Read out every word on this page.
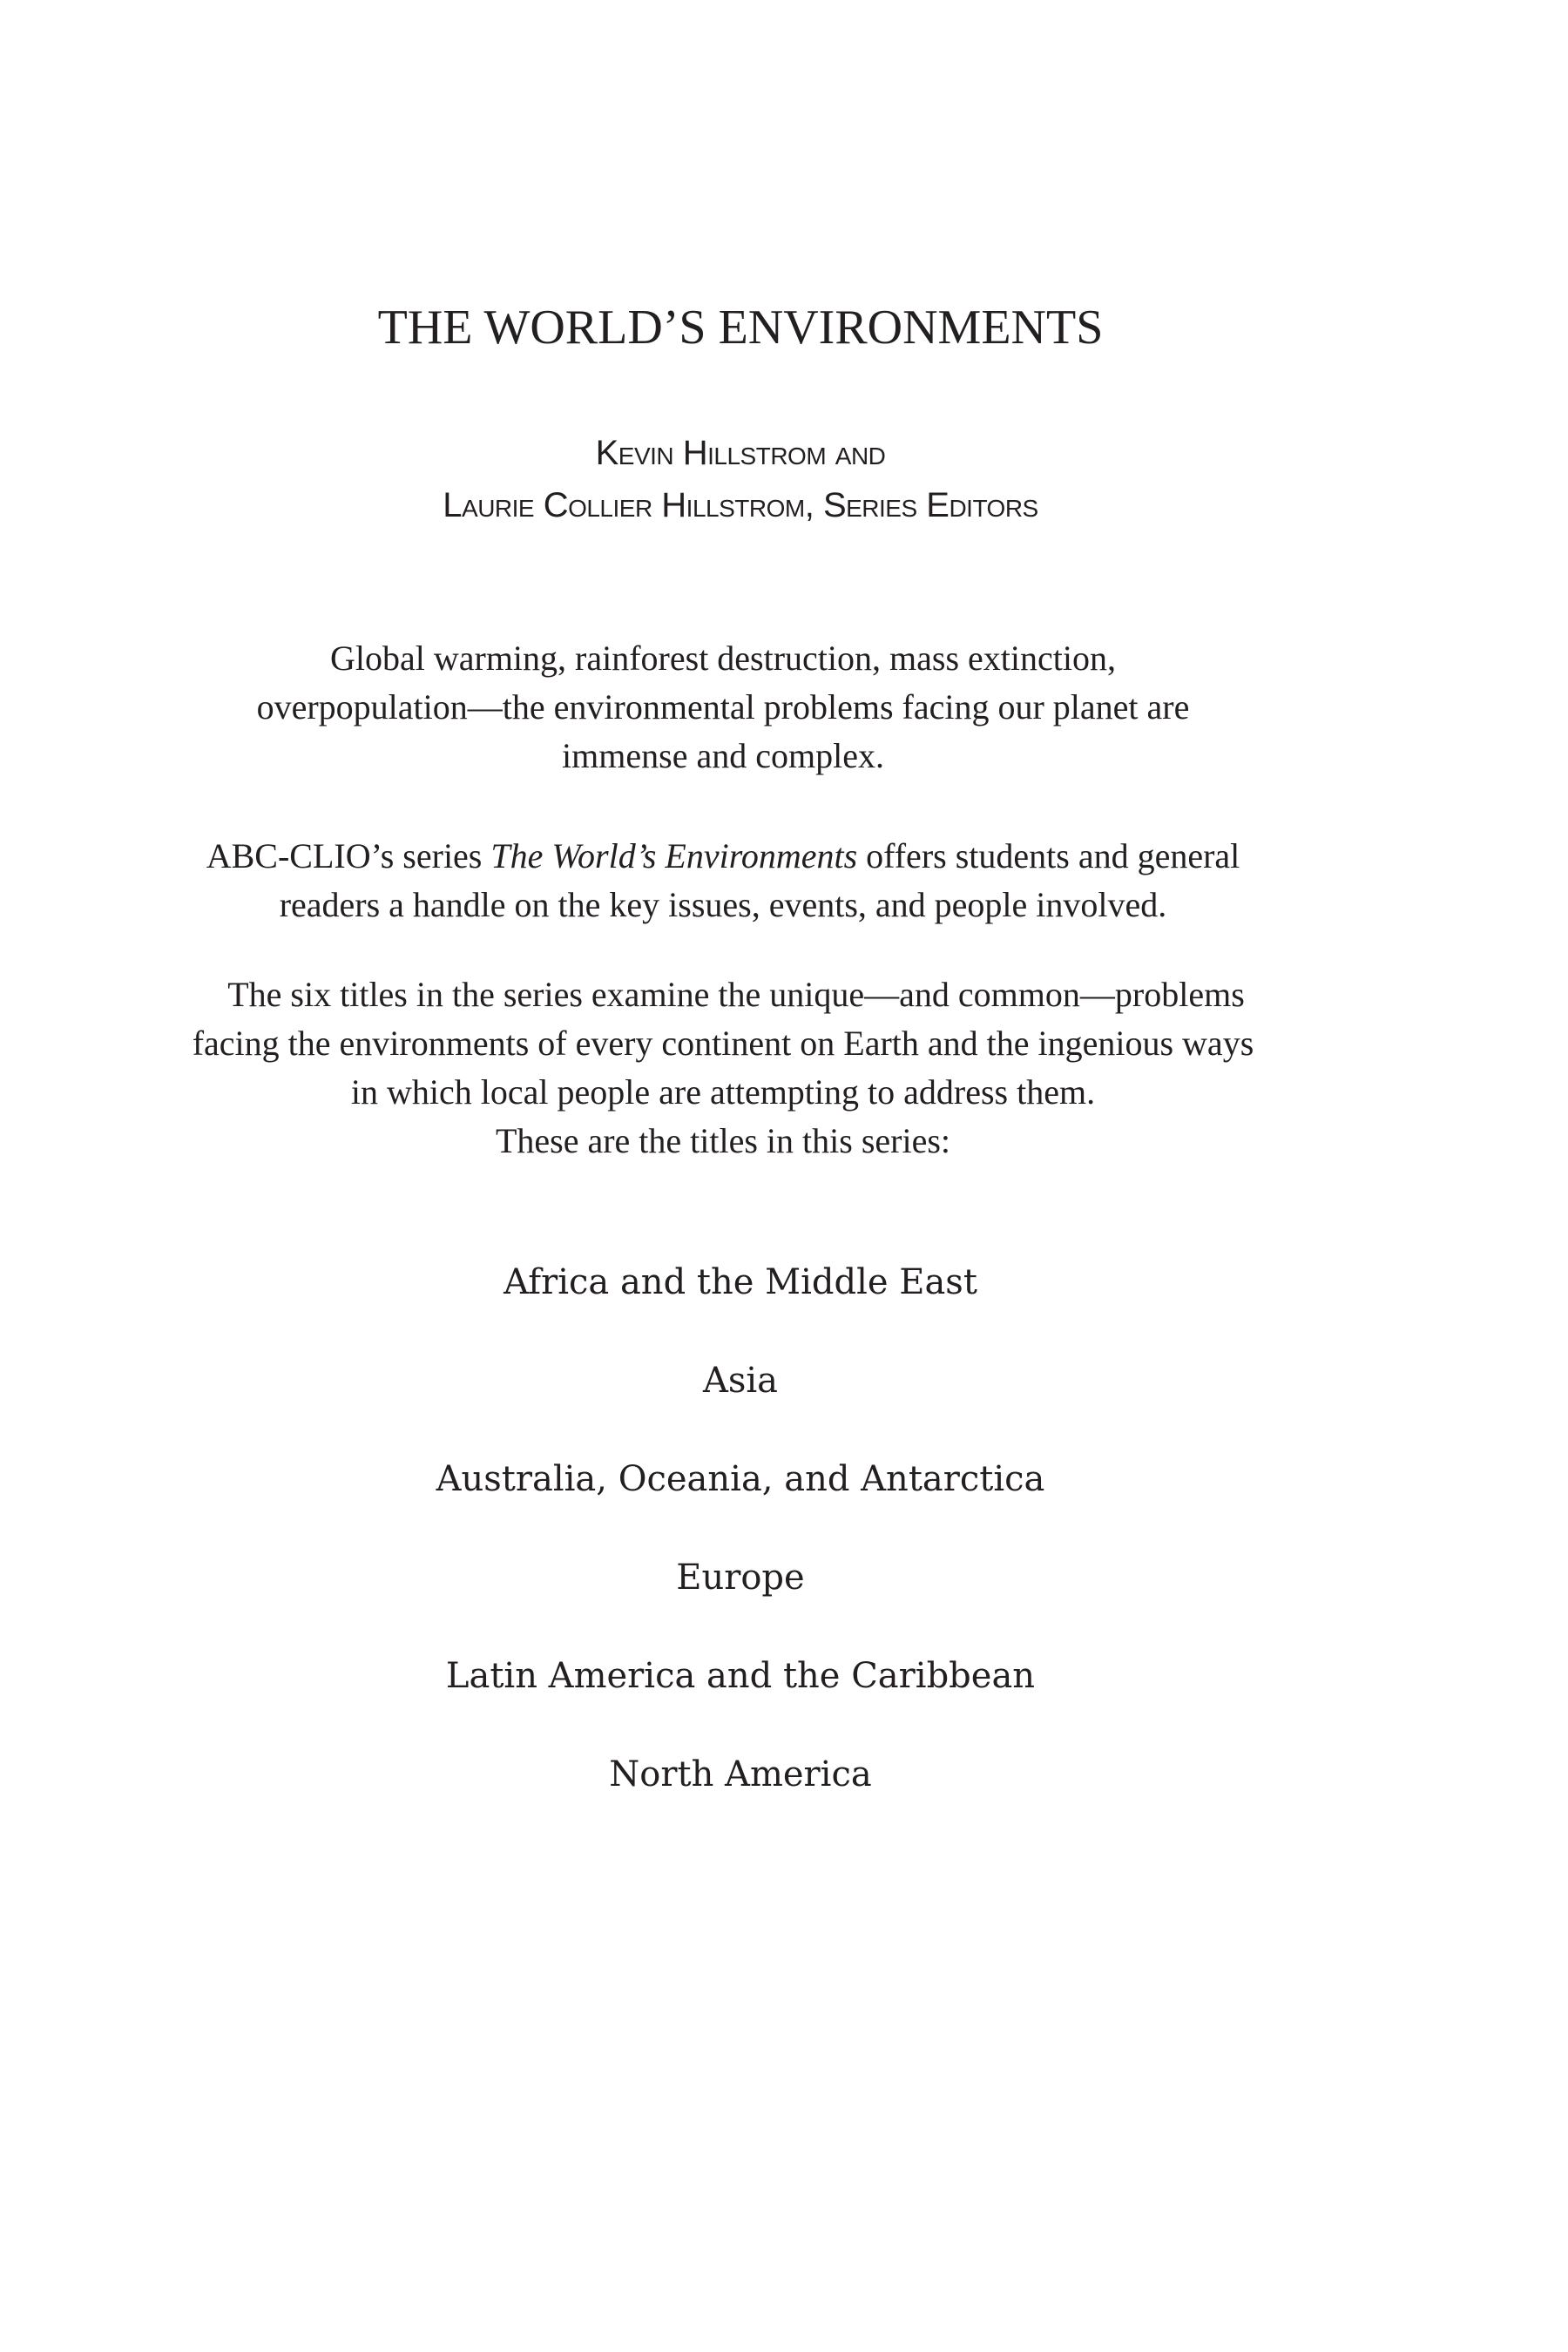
THE WORLD’S ENVIRONMENTS
Kevin Hillstrom and
Laurie Collier Hillstrom, Series Editors

Global warming, rainforest destruction, mass extinction,
overpopulation—the environmental problems facing our planet are
immense and complex.

ABC-CLIO’s series The World’s Environments offers students and general
readers a handle on the key issues, events, and people involved.

The six titles in the series examine the unique—and common—problems
facing the environments of every continent on Earth and the ingenious ways
in which local people are attempting to address them.
These are the titles in this series:

Africa and the Middle East
Asia
Australia, Oceania, and Antarctica
Europe
Latin America and the Caribbean
North America
